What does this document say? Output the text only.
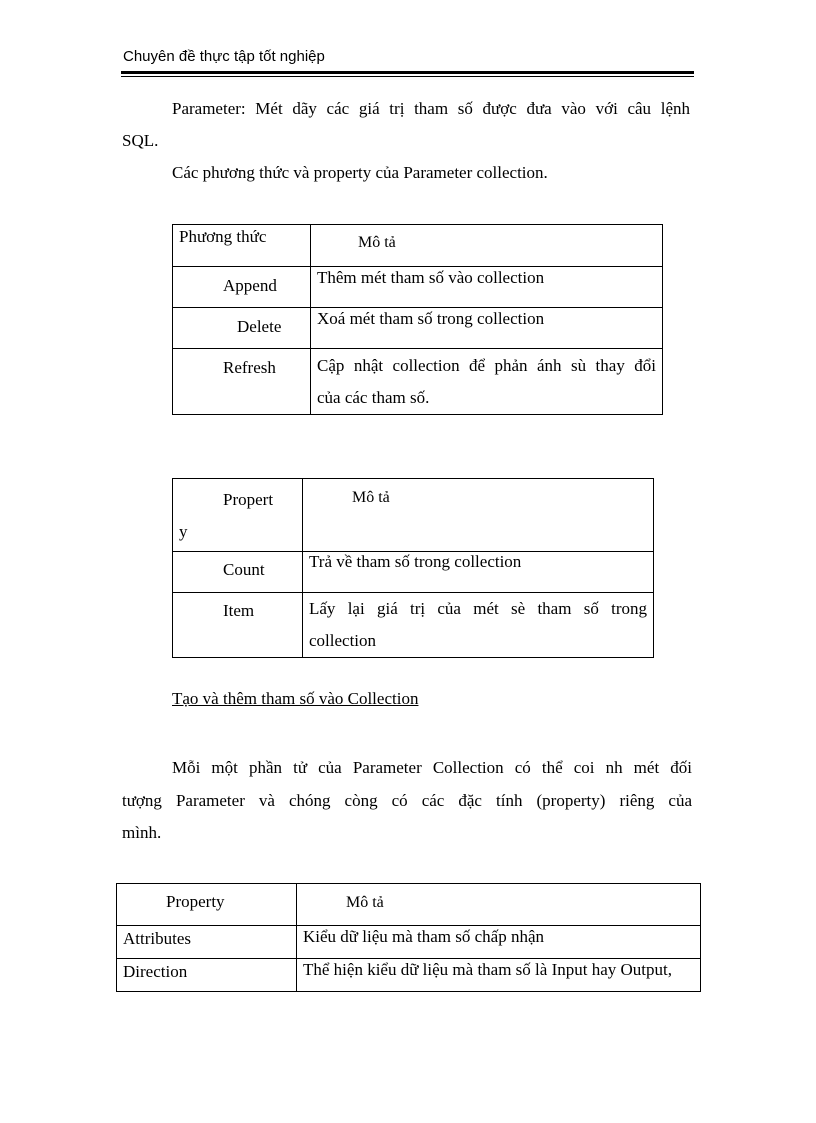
Chuyên đề thực tập tốt nghiệp
Parameter: Mét dãy các giá trị tham số được đưa vào với câu lệnh
SQL.
Các phương thức và property của Parameter collection.
Phương thức	Mô tả
Append	Thêm mét tham số vào collection
Delete	Xoá mét tham số trong collection
Refresh	Cập nhật collection để phản ánh sù thay đổi
của các tham số.
Propert
y	Mô tả
Count	Trả về tham số trong collection
Item	Lấy lại giá trị của mét sè tham số trong
collection
Tạo và thêm tham số vào Collection
Mỗi một phần tử của Parameter Collection có thể coi nh mét đối
tượng Parameter và chóng còng có các đặc tính (property) riêng của
mình.
Property	Mô tả
Attributes	Kiểu dữ liệu mà tham số chấp nhận
Direction	Thể hiện kiểu dữ liệu mà tham số là Input hay Output,
